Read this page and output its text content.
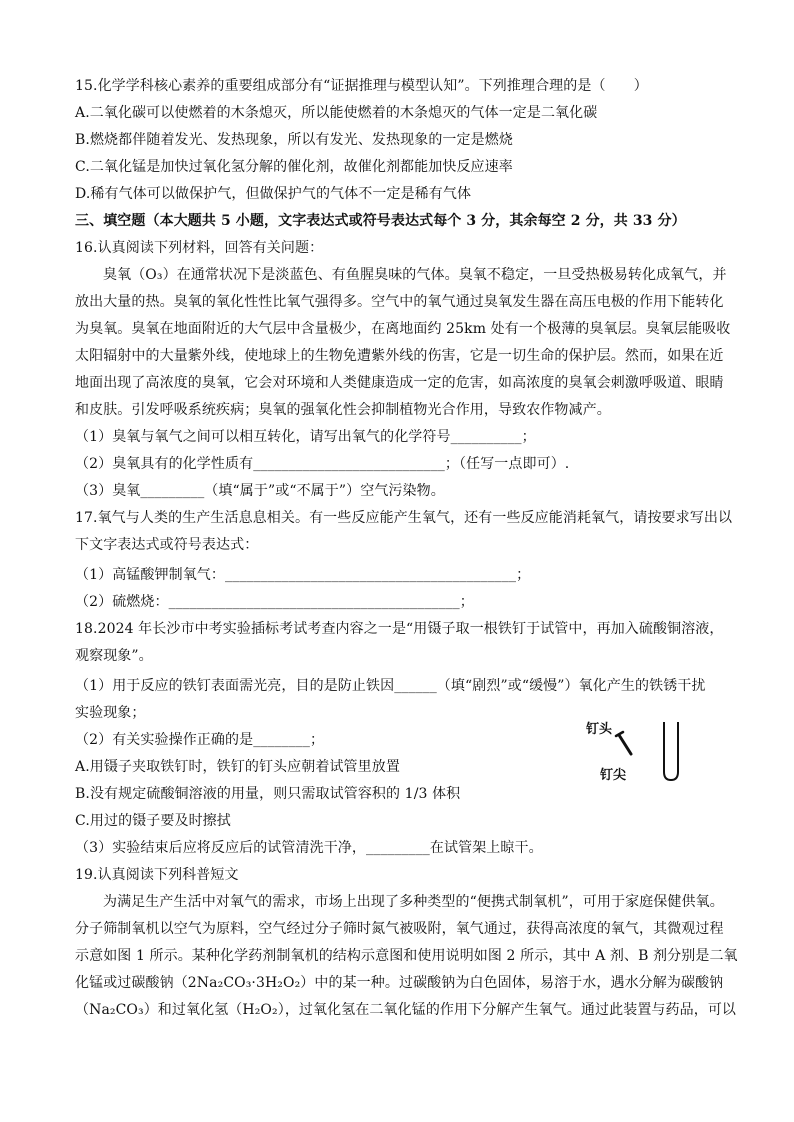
15.化学学科核心素养的重要组成部分有“证据推理与模型认知”。下列推理合理的是（　　）
A.二氧化碳可以使燃着的木条熄灭，所以能使燃着的木条熄灭的气体一定是二氧化碳
B.燃烧都伴随着发光、发热现象，所以有发光、发热现象的一定是燃烧
C.二氧化锰是加快过氧化氢分解的催化剂，故催化剂都能加快反应速率
D.稀有气体可以做保护气，但做保护气的气体不一定是稀有气体
三、填空题（本大题共 5 小题，文字表达式或符号表达式每个 3 分，其余每空 2 分，共 33 分）
16.认真阅读下列材料，回答有关问题：
臭氧（O₃）在通常状况下是淡蓝色、有鱼腥臭味的气体。臭氧不稳定，一旦受热极易转化成氧气，并
放出大量的热。臭氧的氧化性性比氧气强得多。空气中的氧气通过臭氧发生器在高压电极的作用下能转化
为臭氧。臭氧在地面附近的大气层中含量极少，在离地面约 25km 处有一个极薄的臭氧层。臭氧层能吸收
太阳辐射中的大量紫外线，使地球上的生物免遭紫外线的伤害，它是一切生命的保护层。然而，如果在近
地面出现了高浓度的臭氧，它会对环境和人类健康造成一定的危害，如高浓度的臭氧会刺激呼吸道、眼睛
和皮肤。引发呼吸系统疾病；臭氧的强氧化性会抑制植物光合作用，导致农作物减产。
（1）臭氧与氧气之间可以相互转化，请写出氧气的化学符号__________；
（2）臭氧具有的化学性质有___________________________；（任写一点即可）.
（3）臭氧_________（填“属于”或“不属于”）空气污染物。
17.氧气与人类的生产生活息息相关。有一些反应能产生氧气，还有一些反应能消耗氧气，请按要求写出以
下文字表达式或符号表达式：
（1）高锰酸钾制氧气：_________________________________________；
（2）硫燃烧：_________________________________________；
18.2024 年长沙市中考实验插标考试考查内容之一是“用镊子取一根铁钉于试管中，再加入硫酸铜溶液，
观察现象”。
（1）用于反应的铁钉表面需光亮，目的是防止铁因______（填“剧烈”或“缓慢”）氧化产生的铁锈干扰
实验现象；
（2）有关实验操作正确的是________；
A.用镊子夹取铁钉时，铁钉的钉头应朝着试管里放置
B.没有规定硫酸铜溶液的用量，则只需取试管容积的 1/3 体积
C.用过的镊子要及时擦拭
（3）实验结束后应将反应后的试管清洗干净，_________在试管架上晾干。
钉头
钉尖
19.认真阅读下列科普短文
为满足生产生活中对氧气的需求，市场上出现了多种类型的“便携式制氧机”，可用于家庭保健供氧。
分子筛制氧机以空气为原料，空气经过分子筛时氮气被吸附，氧气通过，获得高浓度的氧气，其微观过程
示意如图 1 所示。某种化学药剂制氧机的结构示意图和使用说明如图 2 所示，其中 A 剂、B 剂分别是二氧
化锰或过碳酸钠（2Na₂CO₃·3H₂O₂）中的某一种。过碳酸钠为白色固体，易溶于水，遇水分解为碳酸钠
（Na₂CO₃）和过氧化氢（H₂O₂），过氧化氢在二氧化锰的作用下分解产生氧气。通过此装置与药品，可以
